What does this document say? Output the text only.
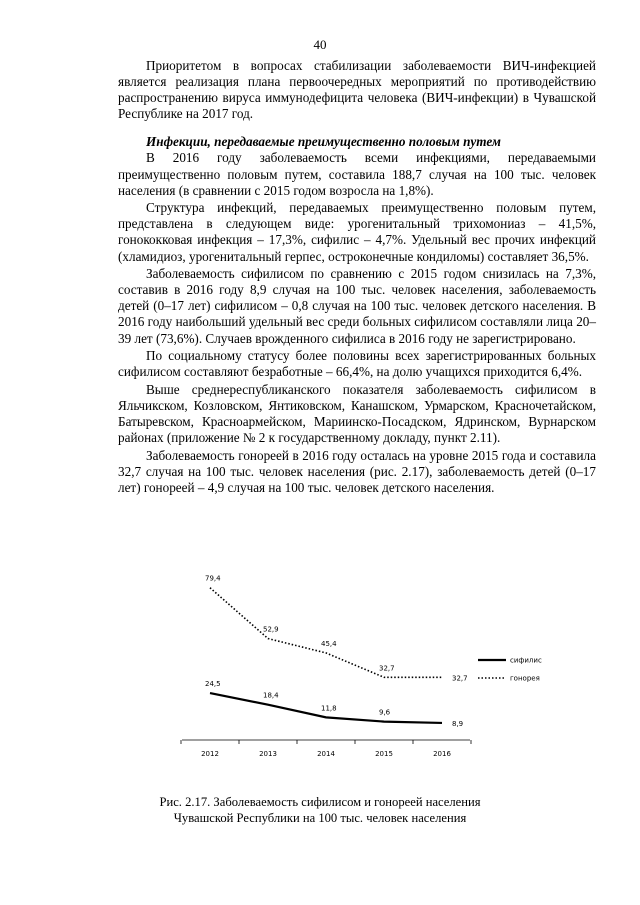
40

Приоритетом в вопросах стабилизации заболеваемости ВИЧ-инфекцией является реализация плана первоочередных мероприятий по противодействию распространению вируса иммунодефицита человека (ВИЧ-инфекции) в Чувашской Республике на 2017 год.

Инфекции, передаваемые преимущественно половым путем

В 2016 году заболеваемость всеми инфекциями, передаваемыми преимущественно половым путем, составила 188,7 случая на 100 тыс. человек населения (в сравнении с 2015 годом возросла на 1,8%).

Структура инфекций, передаваемых преимущественно половым путем, представлена в следующем виде: урогенитальный трихомониаз – 41,5%, гонококковая инфекция – 17,3%, сифилис – 4,7%. Удельный вес прочих инфекций (хламидиоз, урогенитальный герпес, остроконечные кондиломы) составляет 36,5%.

Заболеваемость сифилисом по сравнению с 2015 годом снизилась на 7,3%, составив в 2016 году 8,9 случая на 100 тыс. человек населения, заболеваемость детей (0–17 лет) сифилисом – 0,8 случая на 100 тыс. человек детского населения. В 2016 году наибольший удельный вес среди больных сифилисом составляли лица 20–39 лет (73,6%). Случаев врожденного сифилиса в 2016 году не зарегистрировано.

По социальному статусу более половины всех зарегистрированных больных сифилисом составляют безработные – 66,4%, на долю учащихся приходится 6,4%.

Выше среднереспубликанского показателя заболеваемость сифилисом в Яльчикском, Козловском, Янтиковском, Канашском, Урмарском, Красночетайском, Батыревском, Красноармейском, Мариинско-Посадском, Ядринском, Вурнарском районах (приложение № 2 к государственному докладу, пункт 2.11).

Заболеваемость гонореей в 2016 году осталась на уровне 2015 года и составила 32,7 случая на 100 тыс. человек населения (рис. 2.17), заболеваемость детей (0–17 лет) гонореей – 4,9 случая на 100 тыс. человек детского населения.

2012	2013	2014	2015	2016
24,5
18,4
11,8
9,6
8,9
79,4
52,9
45,4
32,7
32,7
сифилис
гонорея
Рис. 2.17. Заболеваемость сифилисом и гонореей населения
Чувашской Республики на 100 тыс. человек населения
